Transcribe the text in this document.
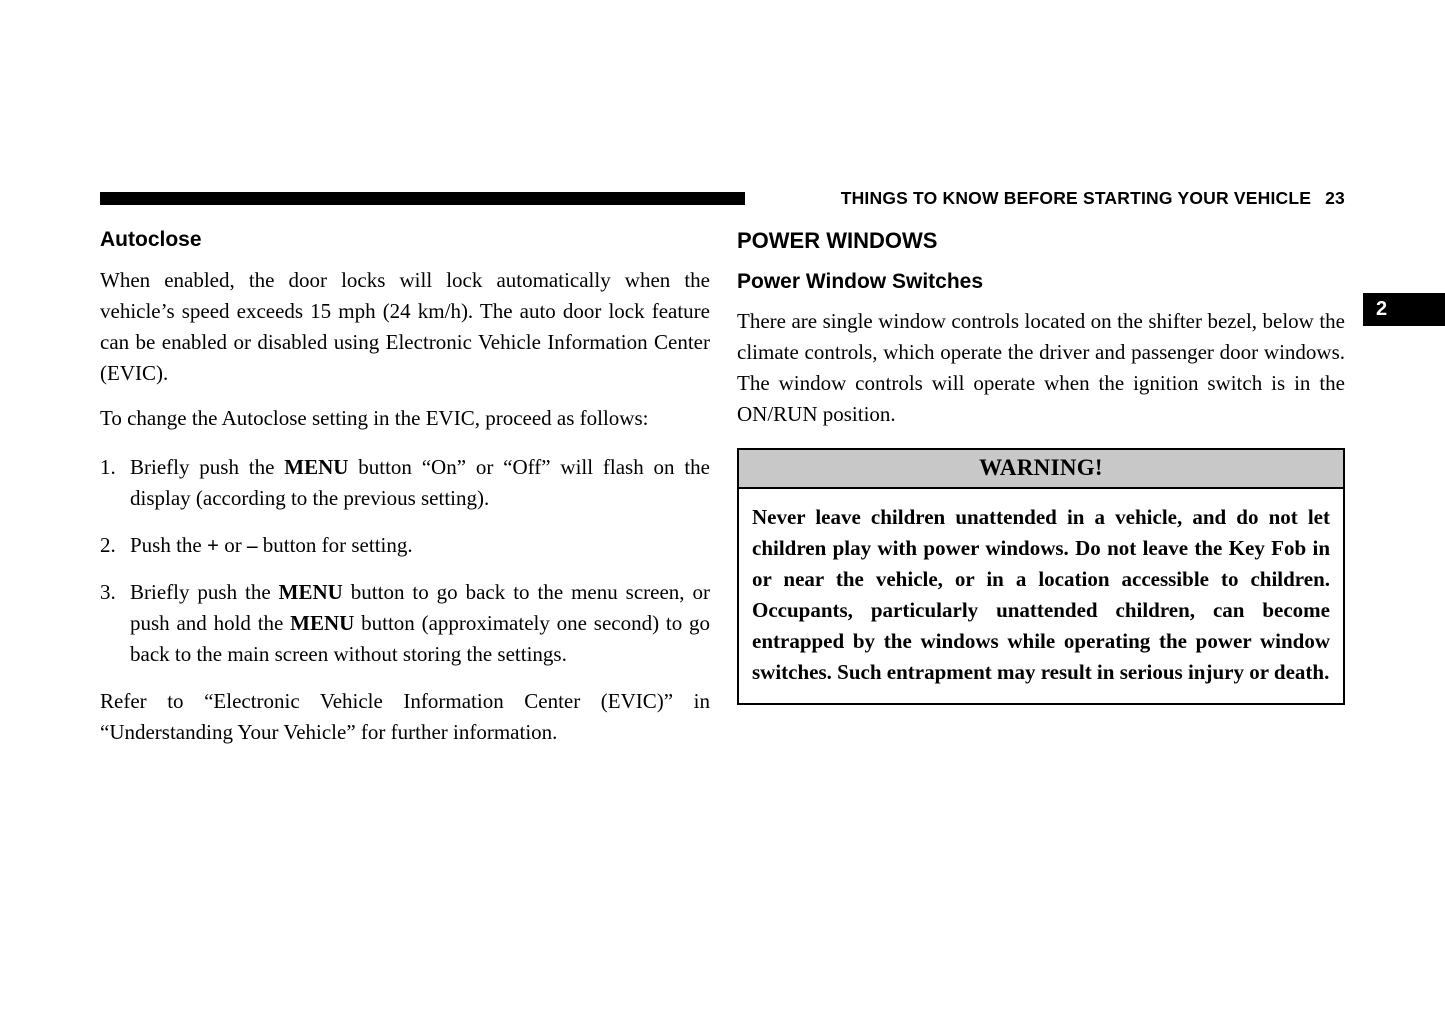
THINGS TO KNOW BEFORE STARTING YOUR VEHICLE 23
2
Autoclose

When enabled, the door locks will lock automatically when the vehicle’s speed exceeds 15 mph (24 km/h). The auto door lock feature can be enabled or disabled using Electronic Vehicle Information Center (EVIC).

To change the Autoclose setting in the EVIC, proceed as follows:

1. Briefly push the MENU button “On” or “Off” will flash on the display (according to the previous setting).
2. Push the + or – button for setting.
3. Briefly push the MENU button to go back to the menu screen, or push and hold the MENU button (approximately one second) to go back to the main screen without storing the settings.

Refer to “Electronic Vehicle Information Center (EVIC)” in “Understanding Your Vehicle” for further information.

POWER WINDOWS
Power Window Switches

There are single window controls located on the shifter bezel, below the climate controls, which operate the driver and passenger door windows. The window controls will operate when the ignition switch is in the ON/RUN position.

WARNING!
Never leave children unattended in a vehicle, and do not let children play with power windows. Do not leave the Key Fob in or near the vehicle, or in a location accessible to children. Occupants, particularly unattended children, can become entrapped by the windows while operating the power window switches. Such entrapment may result in serious injury or death.
